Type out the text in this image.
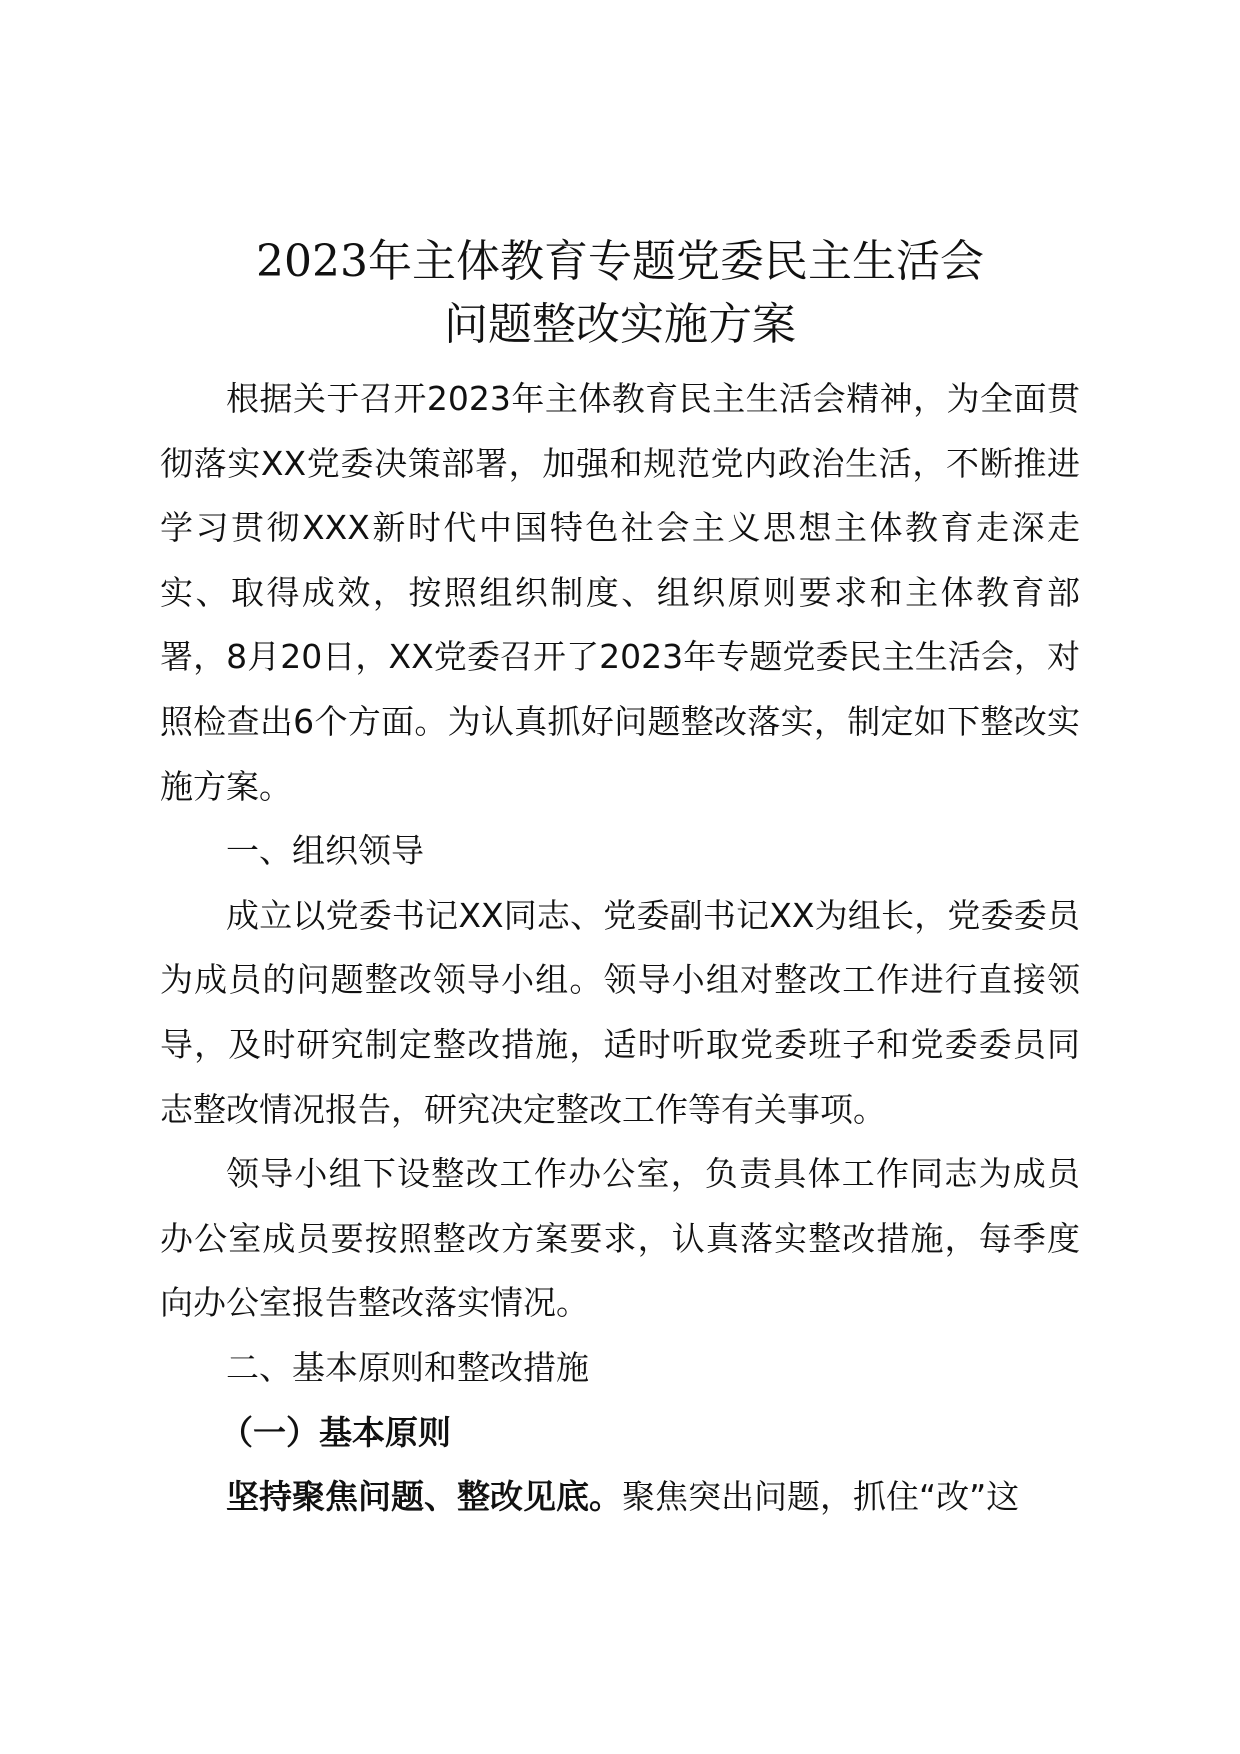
2023年主体教育专题党委民主生活会
问题整改实施方案

根据关于召开2023年主体教育民主生活会精神，为全面贯彻落实XX党委决策部署，加强和规范党内政治生活，不断推进学习贯彻XXX新时代中国特色社会主义思想主体教育走深走实、取得成效，按照组织制度、组织原则要求和主体教育部署，8月20日，XX党委召开了2023年专题党委民主生活会，对照检查出6个方面。为认真抓好问题整改落实，制定如下整改实施方案。

一、组织领导

成立以党委书记XX同志、党委副书记XX为组长，党委委员为成员的问题整改领导小组。领导小组对整改工作进行直接领导，及时研究制定整改措施，适时听取党委班子和党委委员同志整改情况报告，研究决定整改工作等有关事项。

领导小组下设整改工作办公室，负责具体工作同志为成员办公室成员要按照整改方案要求，认真落实整改措施，每季度向办公室报告整改落实情况。

二、基本原则和整改措施

（一）基本原则

坚持聚焦问题、整改见底。聚焦突出问题，抓住“改”这
